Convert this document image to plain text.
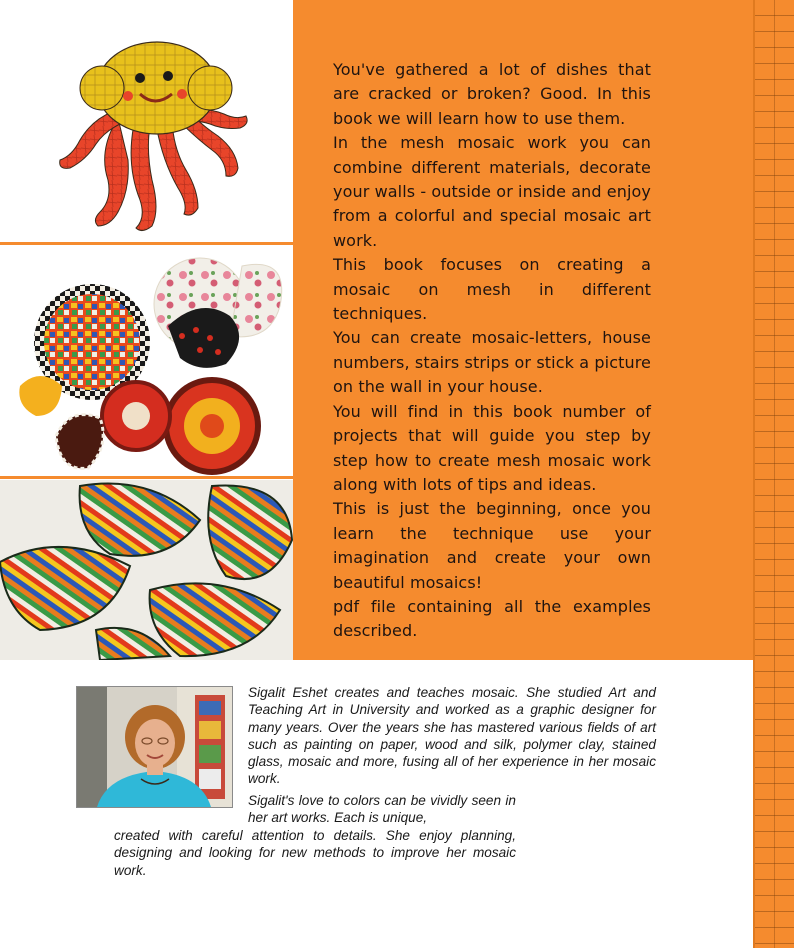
You've gathered a lot of dishes that are cracked or broken? Good. In this book we will learn how to use them.

In the mesh mosaic work you can combine different materials, decorate your walls - outside or inside and enjoy from a colorful and special mosaic art work.

This book focuses on creating a mosaic on mesh in different techniques.

You can create mosaic-letters, house numbers, stairs strips or stick a picture on the wall in your house.

You will find in this book number of projects that will guide you step by step how to create mesh mosaic work along with lots of tips and ideas.

This is just the beginning, once you learn the technique use your imagination and create your own beautiful mosaics!

pdf file containing all the examples described.

Sigalit Eshet creates and teaches mosaic. She studied Art and Teaching Art in University and worked as a graphic designer for many years. Over the years she has mastered various fields of art such as painting on paper, wood and silk, polymer clay, stained glass, mosaic and more, fusing all of her experience in her mosaic work.

Sigalit's love to colors can be vividly seen in her art works. Each is unique,

created with careful attention to details. She enjoy planning, designing and looking for new methods to improve her mosaic work.
